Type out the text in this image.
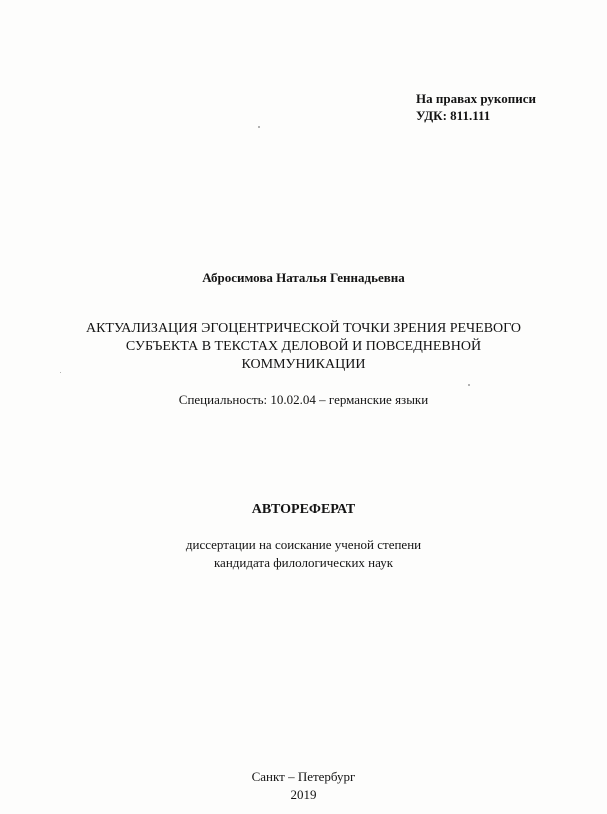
На правах рукописи
УДК: 811.111
Абросимова Наталья Геннадьевна
АКТУАЛИЗАЦИЯ ЭГОЦЕНТРИЧЕСКОЙ ТОЧКИ ЗРЕНИЯ РЕЧЕВОГО
СУБЪЕКТА В ТЕКСТАХ ДЕЛОВОЙ И ПОВСЕДНЕВНОЙ
КОММУНИКАЦИИ
Специальность: 10.02.04 – германские языки
АВТОРЕФЕРАТ
диссертации на соискание ученой степени
кандидата филологических наук
Санкт – Петербург
2019
